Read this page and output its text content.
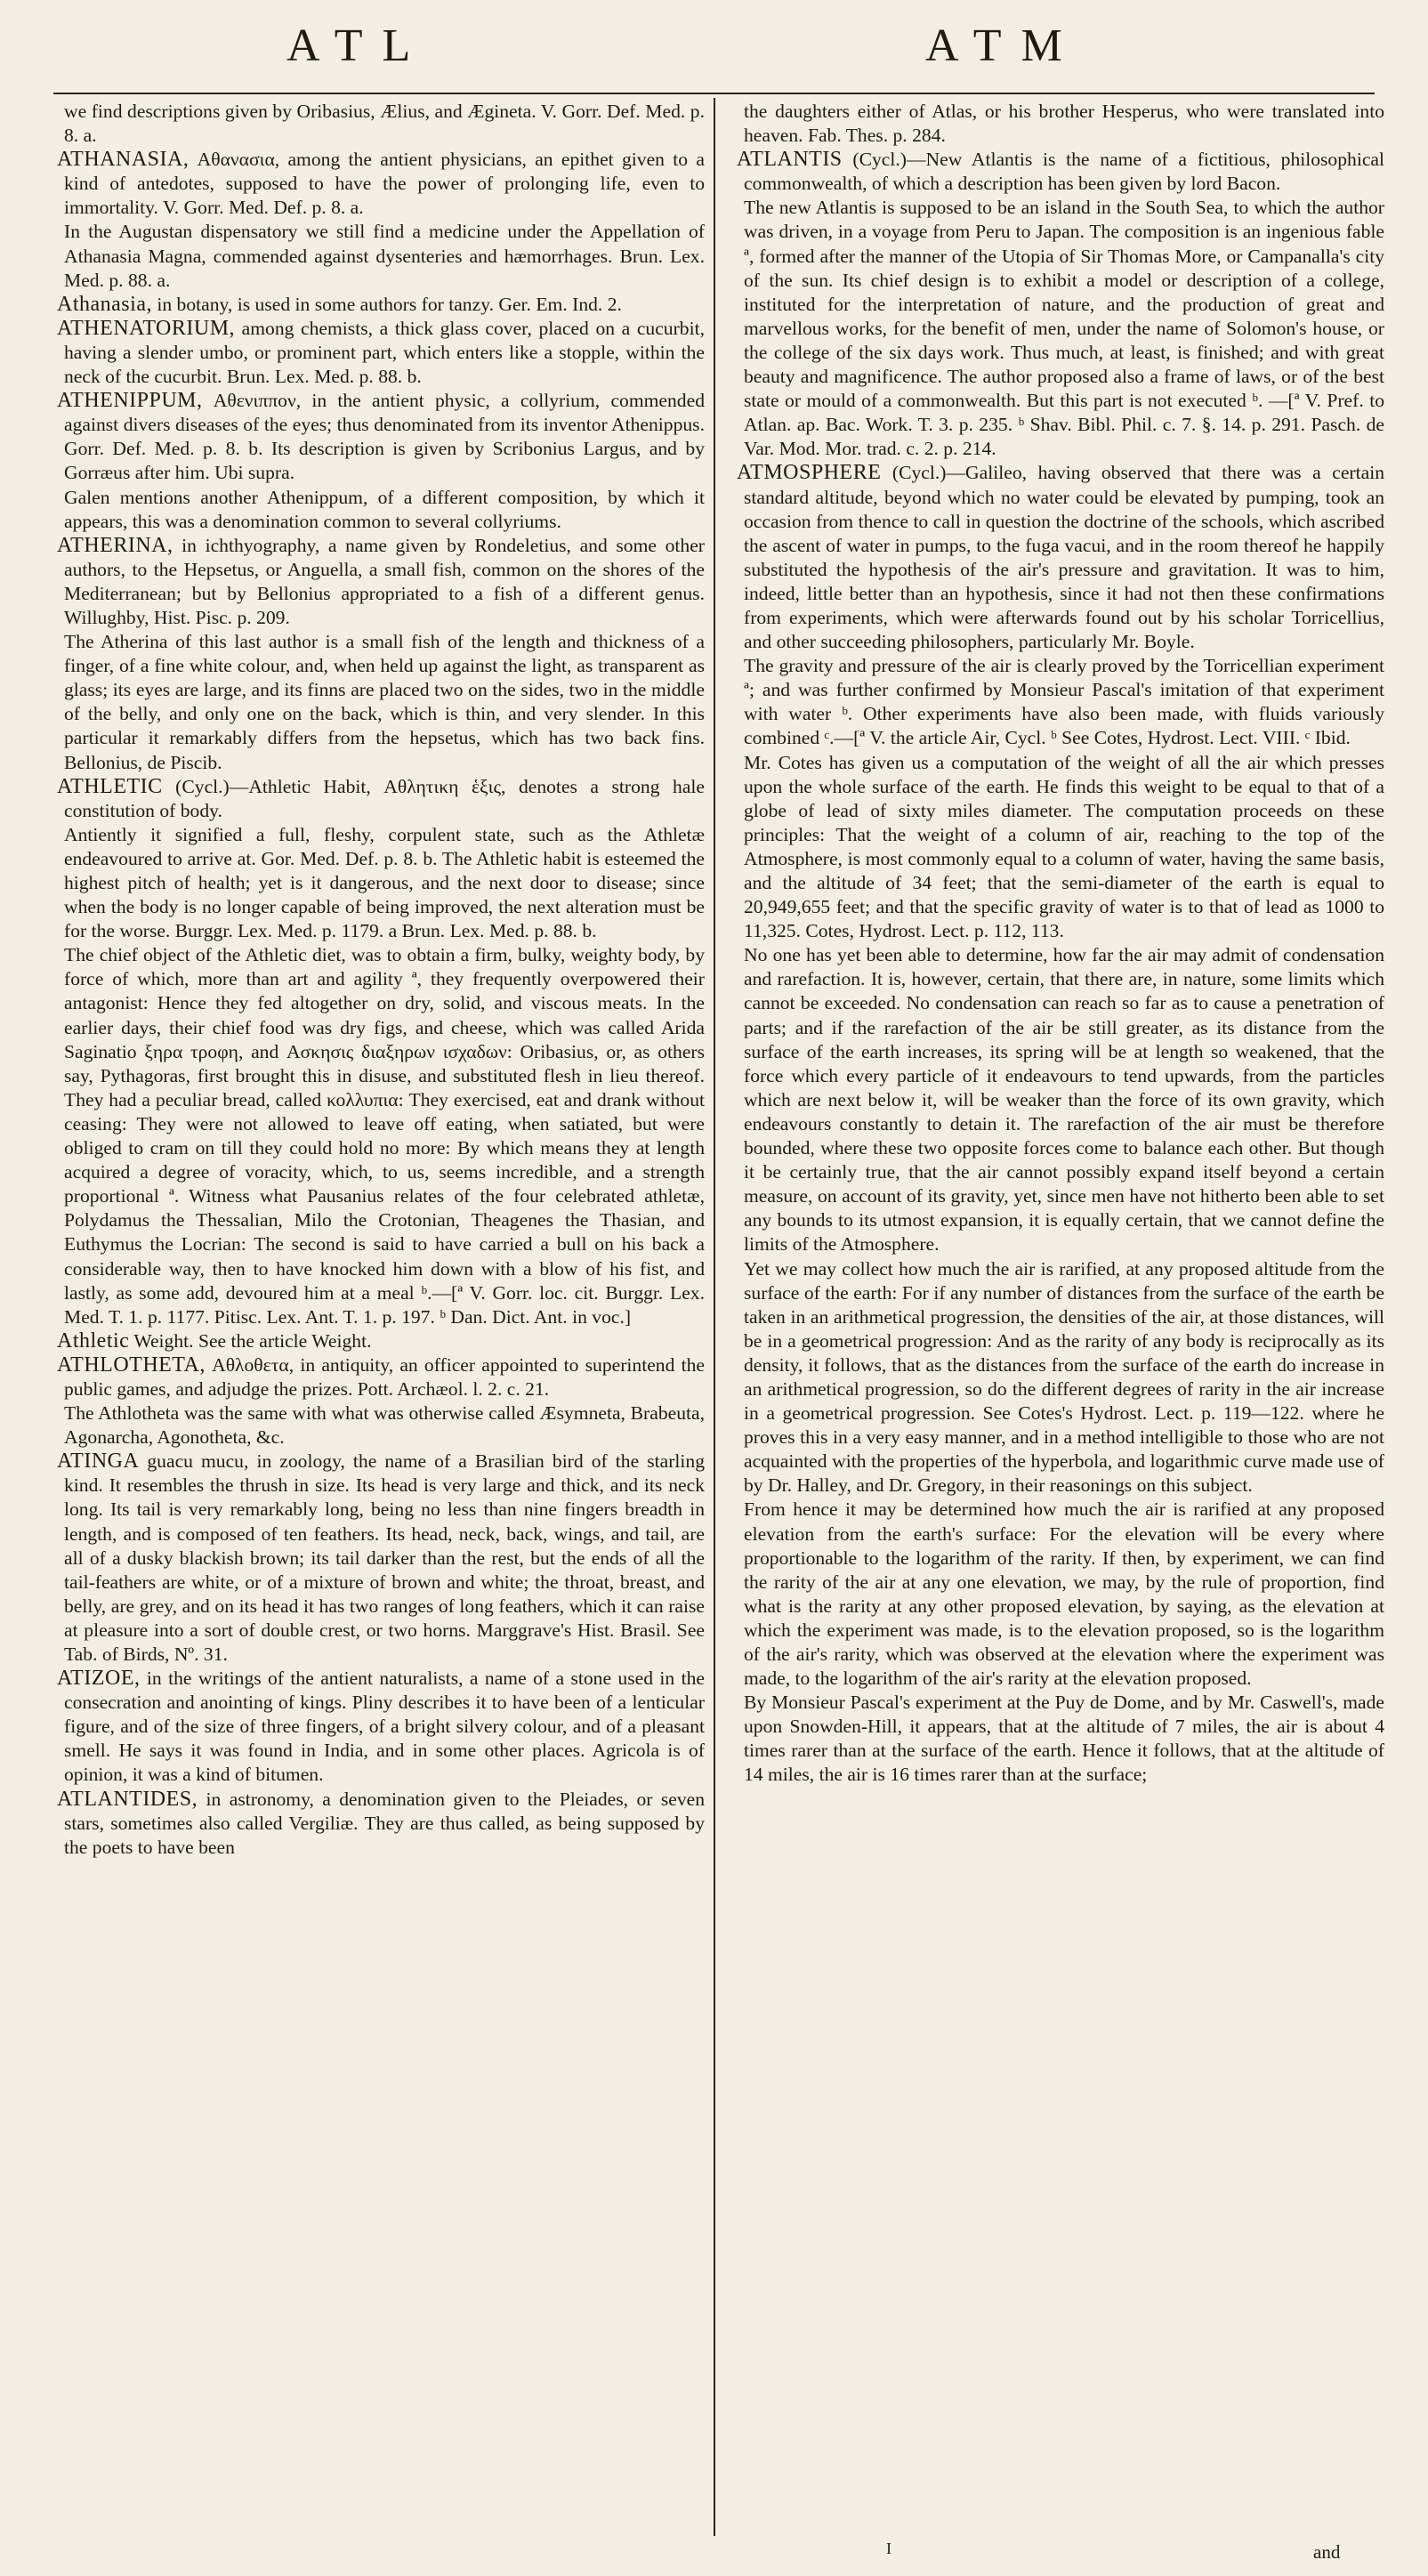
ATL	ATM

we find descriptions given by Oribasius, Ælius, and Ægineta. V. Gorr. Def. Med. p. 8. a.

ATHANASIA, Αθανασια, among the antient physicians, an epithet given to a kind of antedotes, supposed to have the power of prolonging life, even to immortality. V. Gorr. Med. Def. p. 8. a.

In the Augustan dispensatory we still find a medicine under the Appellation of Athanasia Magna, commended against dysenteries and hæmorrhages. Brun. Lex. Med. p. 88. a.

Athanasia, in botany, is used in some authors for tanzy. Ger. Em. Ind. 2.

ATHENATORIUM, among chemists, a thick glass cover, placed on a cucurbit, having a slender umbo, or prominent part, which enters like a stopple, within the neck of the cucurbit. Brun. Lex. Med. p. 88. b.

ATHENIPPUM, Αθενιππον, in the antient physic, a collyrium, commended against divers diseases of the eyes; thus denominated from its inventor Athenippus. Gorr. Def. Med. p. 8. b. Its description is given by Scribonius Largus, and by Gorræus after him. Ubi supra.

Galen mentions another Athenippum, of a different composition, by which it appears, this was a denomination common to several collyriums.

ATHERINA, in ichthyography, a name given by Rondeletius, and some other authors, to the Hepsetus, or Anguella, a small fish, common on the shores of the Mediterranean; but by Bellonius appropriated to a fish of a different genus. Willughby, Hist. Pisc. p. 209.

The Atherina of this last author is a small fish of the length and thickness of a finger, of a fine white colour, and, when held up against the light, as transparent as glass; its eyes are large, and its finns are placed two on the sides, two in the middle of the belly, and only one on the back, which is thin, and very slender. In this particular it remarkably differs from the hepsetus, which has two back fins. Bellonius, de Piscib.

ATHLETIC (Cycl.)—Athletic Habit, Αθλητικη ἑξις, denotes a strong hale constitution of body.

Antiently it signified a full, fleshy, corpulent state, such as the Athletæ endeavoured to arrive at. Gor. Med. Def. p. 8. b. The Athletic habit is esteemed the highest pitch of health; yet is it dangerous, and the next door to disease; since when the body is no longer capable of being improved, the next alteration must be for the worse. Burggr. Lex. Med. p. 1179. a Brun. Lex. Med. p. 88. b.

The chief object of the Athletic diet, was to obtain a firm, bulky, weighty body, by force of which, more than art and agility ª, they frequently overpowered their antagonist: Hence they fed altogether on dry, solid, and viscous meats. In the earlier days, their chief food was dry figs, and cheese, which was called Arida Saginatio ξηρα τροφη, and Ασκησις διαξηρων ισχαδων: Oribasius, or, as others say, Pythagoras, first brought this in disuse, and substituted flesh in lieu thereof. They had a peculiar bread, called κολλυπια: They exercised, eat and drank without ceasing: They were not allowed to leave off eating, when satiated, but were obliged to cram on till they could hold no more: By which means they at length acquired a degree of voracity, which, to us, seems incredible, and a strength proportional ª. Witness what Pausanius relates of the four celebrated athletæ, Polydamus the Thessalian, Milo the Crotonian, Theagenes the Thasian, and Euthymus the Locrian: The second is said to have carried a bull on his back a considerable way, then to have knocked him down with a blow of his fist, and lastly, as some add, devoured him at a meal ᵇ.—[ª V. Gorr. loc. cit. Burggr. Lex. Med. T. 1. p. 1177. Pitisc. Lex. Ant. T. 1. p. 197. ᵇ Dan. Dict. Ant. in voc.]

Athletic Weight. See the article Weight.

ATHLOTHETA, Αθλοθετα, in antiquity, an officer appointed to superintend the public games, and adjudge the prizes. Pott. Archæol. l. 2. c. 21.

The Athlotheta was the same with what was otherwise called Æsymneta, Brabeuta, Agonarcha, Agonotheta, &c.

ATINGA guacu mucu, in zoology, the name of a Brasilian bird of the starling kind. It resembles the thrush in size. Its head is very large and thick, and its neck long. Its tail is very remarkably long, being no less than nine fingers breadth in length, and is composed of ten feathers. Its head, neck, back, wings, and tail, are all of a dusky blackish brown; its tail darker than the rest, but the ends of all the tail-feathers are white, or of a mixture of brown and white; the throat, breast, and belly, are grey, and on its head it has two ranges of long feathers, which it can raise at pleasure into a sort of double crest, or two horns. Marggrave's Hist. Brasil. See Tab. of Birds, Nº. 31.

ATIZOE, in the writings of the antient naturalists, a name of a stone used in the consecration and anointing of kings. Pliny describes it to have been of a lenticular figure, and of the size of three fingers, of a bright silvery colour, and of a pleasant smell. He says it was found in India, and in some other places. Agricola is of opinion, it was a kind of bitumen.

ATLANTIDES, in astronomy, a denomination given to the Pleiades, or seven stars, sometimes also called Vergiliæ. They are thus called, as being supposed by the poets to have been

the daughters either of Atlas, or his brother Hesperus, who were translated into heaven. Fab. Thes. p. 284.

ATLANTIS (Cycl.)—New Atlantis is the name of a fictitious, philosophical commonwealth, of which a description has been given by lord Bacon.

The new Atlantis is supposed to be an island in the South Sea, to which the author was driven, in a voyage from Peru to Japan. The composition is an ingenious fable ª, formed after the manner of the Utopia of Sir Thomas More, or Campanalla's city of the sun. Its chief design is to exhibit a model or description of a college, instituted for the interpretation of nature, and the production of great and marvellous works, for the benefit of men, under the name of Solomon's house, or the college of the six days work. Thus much, at least, is finished; and with great beauty and magnificence. The author proposed also a frame of laws, or of the best state or mould of a commonwealth. But this part is not executed ᵇ. —[ª V. Pref. to Atlan. ap. Bac. Work. T. 3. p. 235. ᵇ Shav. Bibl. Phil. c. 7. §. 14. p. 291. Pasch. de Var. Mod. Mor. trad. c. 2. p. 214.

ATMOSPHERE (Cycl.)—Galileo, having observed that there was a certain standard altitude, beyond which no water could be elevated by pumping, took an occasion from thence to call in question the doctrine of the schools, which ascribed the ascent of water in pumps, to the fuga vacui, and in the room thereof he happily substituted the hypothesis of the air's pressure and gravitation. It was to him, indeed, little better than an hypothesis, since it had not then these confirmations from experiments, which were afterwards found out by his scholar Torricellius, and other succeeding philosophers, particularly Mr. Boyle.

The gravity and pressure of the air is clearly proved by the Torricellian experiment ª; and was further confirmed by Monsieur Pascal's imitation of that experiment with water ᵇ. Other experiments have also been made, with fluids variously combined ᶜ.—[ª V. the article Air, Cycl. ᵇ See Cotes, Hydrost. Lect. VIII. ᶜ Ibid.

Mr. Cotes has given us a computation of the weight of all the air which presses upon the whole surface of the earth. He finds this weight to be equal to that of a globe of lead of sixty miles diameter. The computation proceeds on these principles: That the weight of a column of air, reaching to the top of the Atmosphere, is most commonly equal to a column of water, having the same basis, and the altitude of 34 feet; that the semi-diameter of the earth is equal to 20,949,655 feet; and that the specific gravity of water is to that of lead as 1000 to 11,325. Cotes, Hydrost. Lect. p. 112, 113.

No one has yet been able to determine, how far the air may admit of condensation and rarefaction. It is, however, certain, that there are, in nature, some limits which cannot be exceeded. No condensation can reach so far as to cause a penetration of parts; and if the rarefaction of the air be still greater, as its distance from the surface of the earth increases, its spring will be at length so weakened, that the force which every particle of it endeavours to tend upwards, from the particles which are next below it, will be weaker than the force of its own gravity, which endeavours constantly to detain it. The rarefaction of the air must be therefore bounded, where these two opposite forces come to balance each other. But though it be certainly true, that the air cannot possibly expand itself beyond a certain measure, on account of its gravity, yet, since men have not hitherto been able to set any bounds to its utmost expansion, it is equally certain, that we cannot define the limits of the Atmosphere.

Yet we may collect how much the air is rarified, at any proposed altitude from the surface of the earth: For if any number of distances from the surface of the earth be taken in an arithmetical progression, the densities of the air, at those distances, will be in a geometrical progression: And as the rarity of any body is reciprocally as its density, it follows, that as the distances from the surface of the earth do increase in an arithmetical progression, so do the different degrees of rarity in the air increase in a geometrical progression. See Cotes's Hydrost. Lect. p. 119—122. where he proves this in a very easy manner, and in a method intelligible to those who are not acquainted with the properties of the hyperbola, and logarithmic curve made use of by Dr. Halley, and Dr. Gregory, in their reasonings on this subject.

From hence it may be determined how much the air is rarified at any proposed elevation from the earth's surface: For the elevation will be every where proportionable to the logarithm of the rarity. If then, by experiment, we can find the rarity of the air at any one elevation, we may, by the rule of proportion, find what is the rarity at any other proposed elevation, by saying, as the elevation at which the experiment was made, is to the elevation proposed, so is the logarithm of the air's rarity, which was observed at the elevation where the experiment was made, to the logarithm of the air's rarity at the elevation proposed.

By Monsieur Pascal's experiment at the Puy de Dome, and by Mr. Caswell's, made upon Snowden-Hill, it appears, that at the altitude of 7 miles, the air is about 4 times rarer than at the surface of the earth. Hence it follows, that at the altitude of 14 miles, the air is 16 times rarer than at the surface;

I	and
